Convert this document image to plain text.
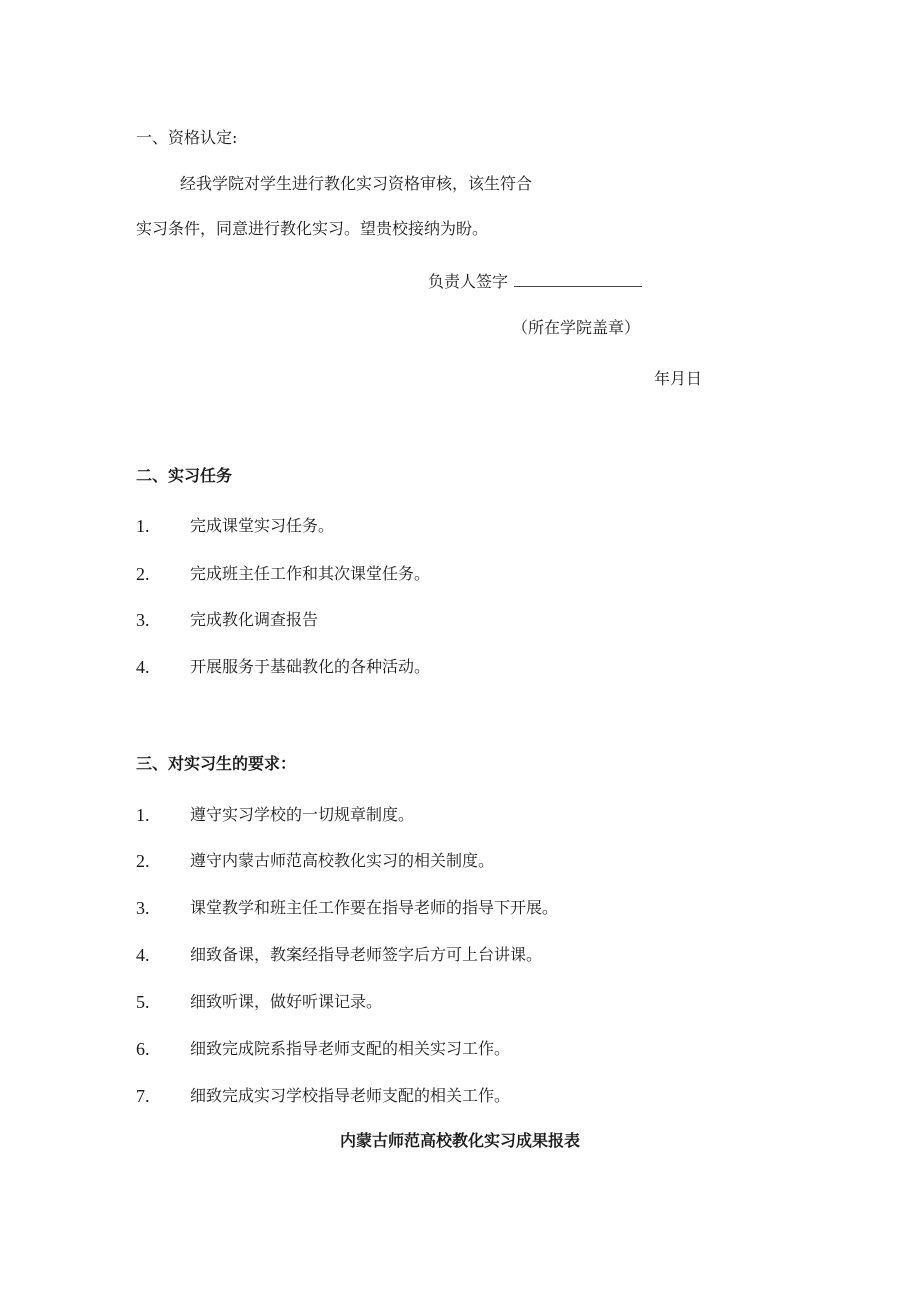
一、资格认定:
经我学院对学生进行教化实习资格审核，该生符合
实习条件，同意进行教化实习。望贵校接纳为盼。
负责人签字
（所在学院盖章）
年月日
二、实习任务
1.	完成课堂实习任务。
2.	完成班主任工作和其次课堂任务。
3.	完成教化调查报告
4.	开展服务于基础教化的各种活动。
三、对实习生的要求：
1.	遵守实习学校的一切规章制度。
2.	遵守内蒙古师范高校教化实习的相关制度。
3.	课堂教学和班主任工作要在指导老师的指导下开展。
4.	细致备课，教案经指导老师签字后方可上台讲课。
5.	细致听课，做好听课记录。
6.	细致完成院系指导老师支配的相关实习工作。
7.	细致完成实习学校指导老师支配的相关工作。
内蒙古师范高校教化实习成果报表
